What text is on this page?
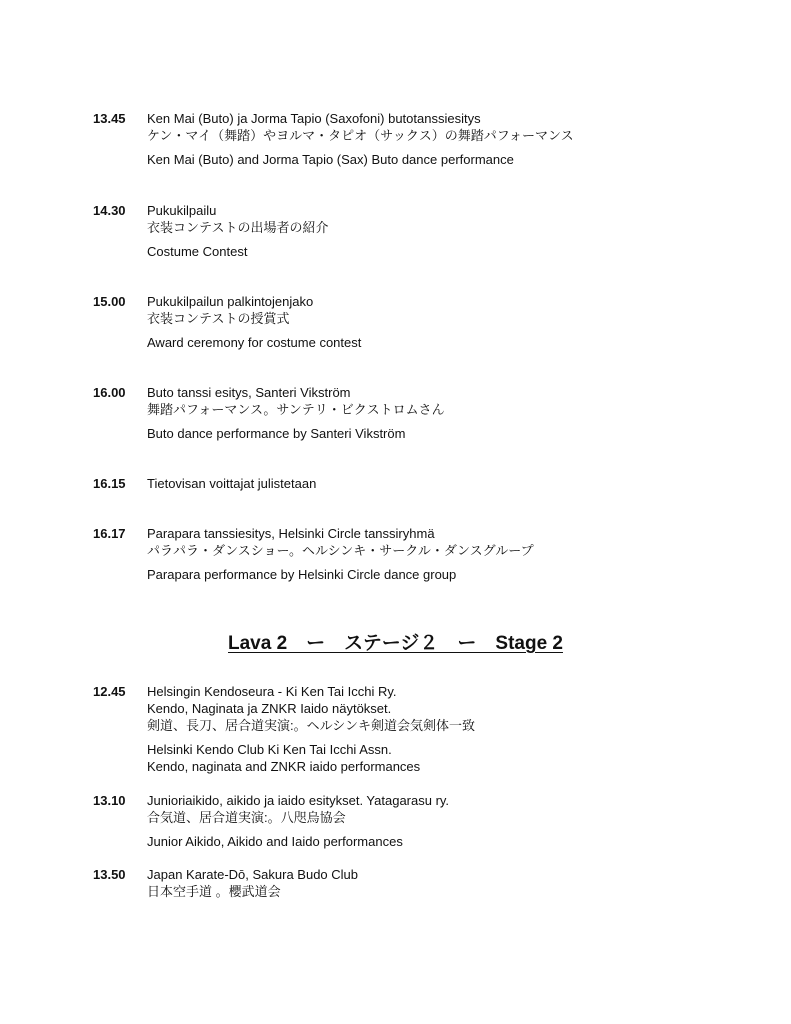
13.45	Ken Mai (Buto) ja Jorma Tapio (Saxofoni) butotanssiesitys
ケン・マイ（舞踏）やヨルマ・タピオ（サックス）の舞踏パフォーマンス
Ken Mai (Buto) and Jorma Tapio (Sax) Buto dance performance
14.30	Pukukilpailu
衣装コンテストの出場者の紹介
Costume Contest
15.00	Pukukilpailun palkintojenjako
衣装コンテストの授賞式
Award ceremony for costume contest
16.00	Buto tanssi esitys, Santeri Vikström
舞踏パフォーマンス。サンテリ・ビクストロムさん
Buto dance performance by Santeri Vikström
16.15	Tietovisan voittajat julistetaan
16.17	Parapara tanssiesitys, Helsinki Circle tanssiryhmä
パラパラ・ダンスショー。ヘルシンキ・サークル・ダンスグループ
Parapara performance by Helsinki Circle dance group
Lava 2　ー　ステージ２　ー　Stage 2
12.45	Helsingin Kendoseura - Ki Ken Tai Icchi Ry.
Kendo, Naginata ja ZNKR Iaido näytökset.
剣道、長刀、居合道実演:。ヘルシンキ剣道会気剣体一致
Helsinki Kendo Club Ki Ken Tai Icchi Assn.
Kendo, naginata and ZNKR iaido performances
13.10	Junioriaikido, aikido ja iaido esitykset. Yatagarasu ry.
合気道、居合道実演:。八咫烏協会
Junior Aikido, Aikido and Iaido performances
13.50	Japan Karate-Dō, Sakura Budo Club
日本空手道 。櫻武道会
